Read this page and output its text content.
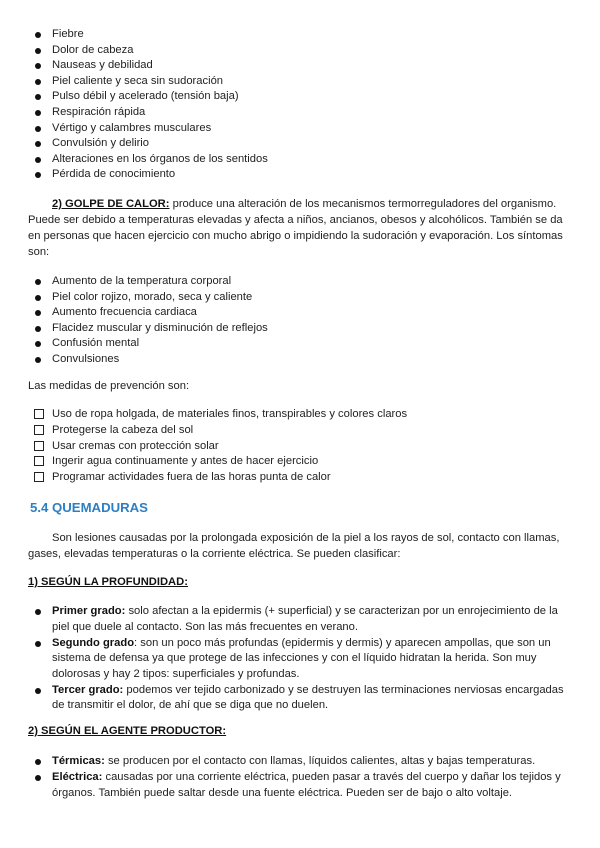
Fiebre
Dolor de cabeza
Nauseas y debilidad
Piel caliente y seca sin sudoración
Pulso débil y acelerado (tensión baja)
Respiración rápida
Vértigo y calambres musculares
Convulsión y delirio
Alteraciones en los órganos de los sentidos
Pérdida de conocimiento

2) GOLPE DE CALOR: produce una alteración de los mecanismos termorreguladores del organismo. Puede ser debido a temperaturas elevadas y afecta a niños, ancianos, obesos y alcohólicos. También se da en personas que hacen ejercicio con mucho abrigo o impidiendo la sudoración y evaporación. Los síntomas son:

Aumento de la temperatura corporal
Piel color rojizo, morado, seca y caliente
Aumento frecuencia cardiaca
Flacidez muscular y disminución de reflejos
Confusión mental
Convulsiones

Las medidas de prevención son:

Uso de ropa holgada, de materiales finos, transpirables y colores claros
Protegerse la cabeza del sol
Usar cremas con protección solar
Ingerir agua continuamente y antes de hacer ejercicio
Programar actividades fuera de las horas punta de calor
5.4 QUEMADURAS

Son lesiones causadas por la prolongada exposición de la piel a los rayos de sol, contacto con llamas, gases, elevadas temperaturas o la corriente eléctrica. Se pueden clasificar:

1) SEGÚN LA PROFUNDIDAD:
Primer grado: solo afectan a la epidermis (+ superficial) y se caracterizan por un enrojecimiento de la piel que duele al contacto. Son las más frecuentes en verano.
Segundo grado: son un poco más profundas (epidermis y dermis) y aparecen ampollas, que son un sistema de defensa ya que protege de las infecciones y con el líquido hidratan la herida. Son muy dolorosas y hay 2 tipos: superficiales y profundas.
Tercer grado: podemos ver tejido carbonizado y se destruyen las terminaciones nerviosas encargadas de transmitir el dolor, de ahí que se diga que no duelen.
2) SEGÚN EL AGENTE PRODUCTOR:
Térmicas: se producen por el contacto con llamas, líquidos calientes, altas y bajas temperaturas.
Eléctrica: causadas por una corriente eléctrica, pueden pasar a través del cuerpo y dañar los tejidos y órganos. También puede saltar desde una fuente eléctrica. Pueden ser de bajo o alto voltaje.
